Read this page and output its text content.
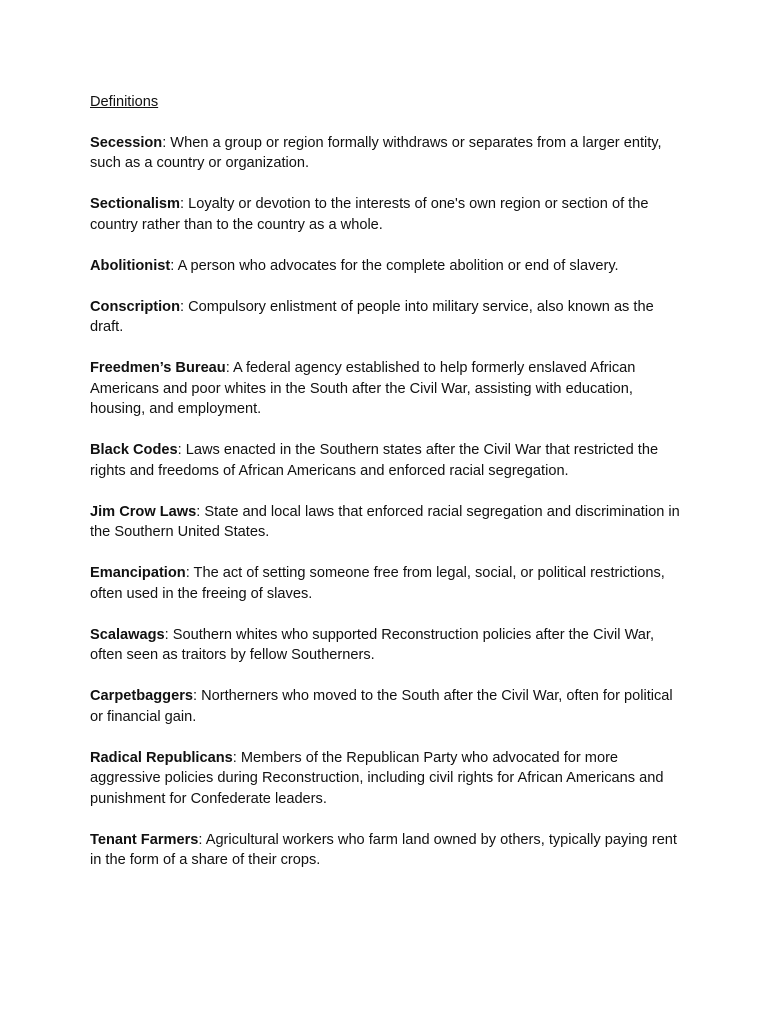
Definitions
Secession: When a group or region formally withdraws or separates from a larger entity, such as a country or organization.
Sectionalism: Loyalty or devotion to the interests of one's own region or section of the country rather than to the country as a whole.
Abolitionist: A person who advocates for the complete abolition or end of slavery.
Conscription: Compulsory enlistment of people into military service, also known as the draft.
Freedmen’s Bureau: A federal agency established to help formerly enslaved African Americans and poor whites in the South after the Civil War, assisting with education, housing, and employment.
Black Codes: Laws enacted in the Southern states after the Civil War that restricted the rights and freedoms of African Americans and enforced racial segregation.
Jim Crow Laws: State and local laws that enforced racial segregation and discrimination in the Southern United States.
Emancipation: The act of setting someone free from legal, social, or political restrictions, often used in the freeing of slaves.
Scalawags: Southern whites who supported Reconstruction policies after the Civil War, often seen as traitors by fellow Southerners.
Carpetbaggers: Northerners who moved to the South after the Civil War, often for political or financial gain.
Radical Republicans: Members of the Republican Party who advocated for more aggressive policies during Reconstruction, including civil rights for African Americans and punishment for Confederate leaders.
Tenant Farmers: Agricultural workers who farm land owned by others, typically paying rent in the form of a share of their crops.
